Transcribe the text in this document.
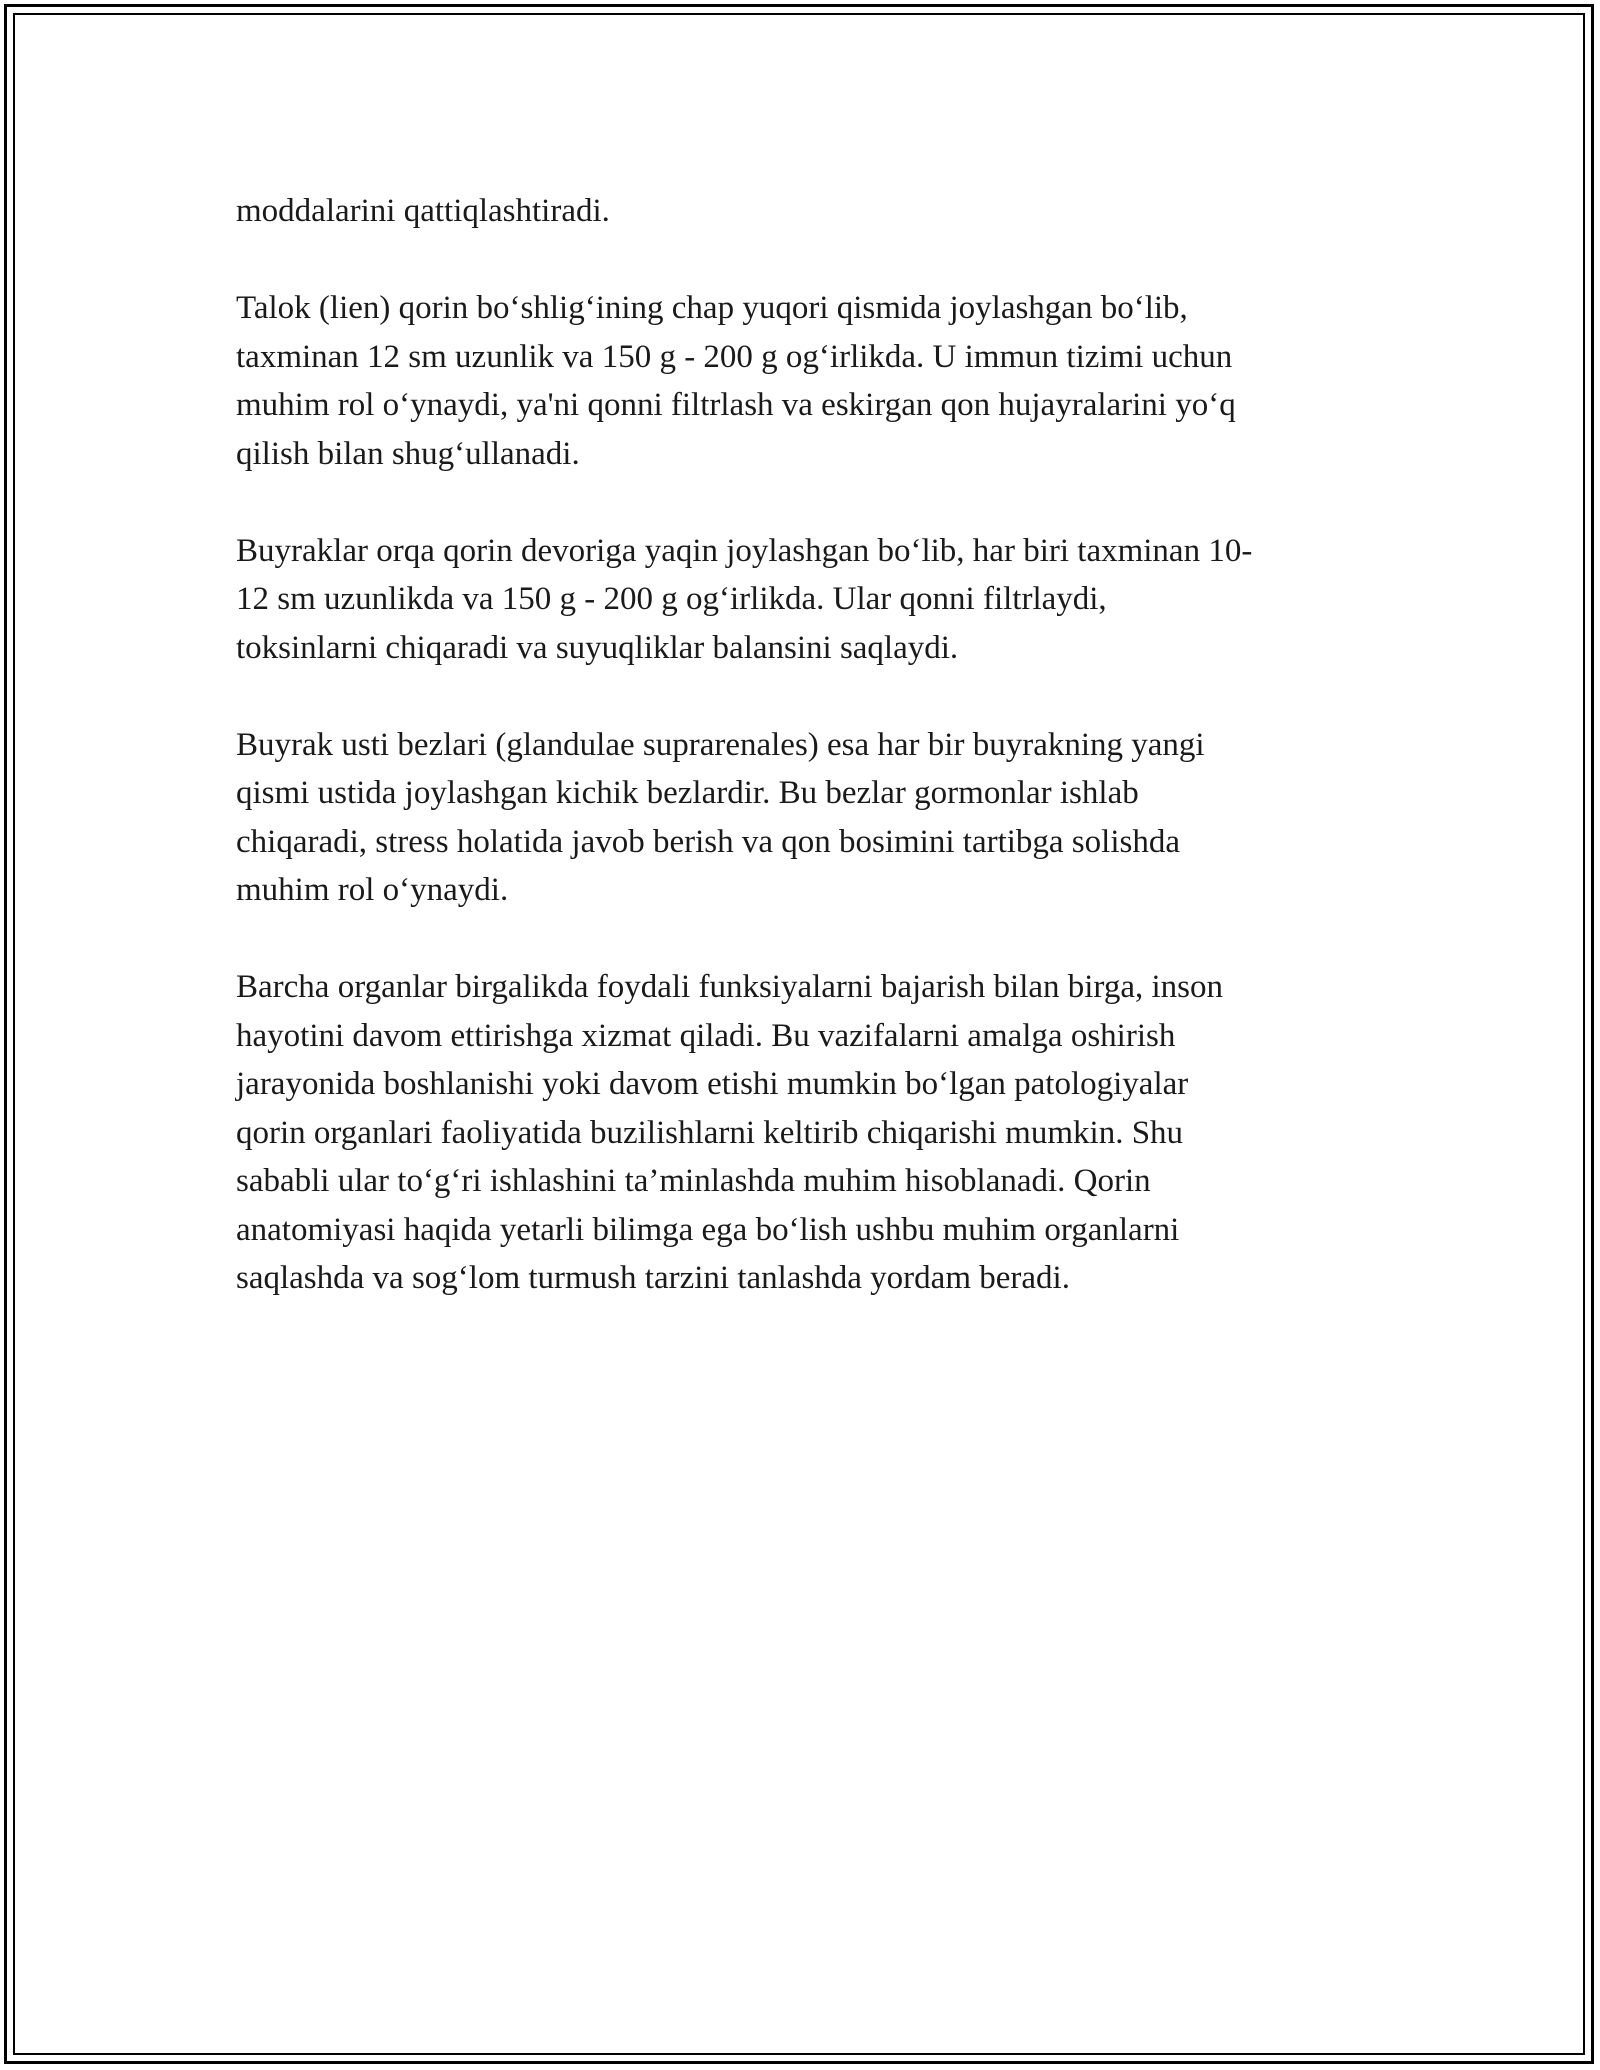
moddalarini qattiqlashtiradi.

Talok (lien) qorin bo‘shlig‘ining chap yuqori qismida joylashgan bo‘lib,
taxminan 12 sm uzunlik va 150 g - 200 g og‘irlikda. U immun tizimi uchun
muhim rol o‘ynaydi, ya'ni qonni filtrlash va eskirgan qon hujayralarini yo‘q
qilish bilan shug‘ullanadi.

Buyraklar orqa qorin devoriga yaqin joylashgan bo‘lib, har biri taxminan 10-
12 sm uzunlikda va 150 g - 200 g og‘irlikda. Ular qonni filtrlaydi,
toksinlarni chiqaradi va suyuqliklar balansini saqlaydi.

Buyrak usti bezlari (glandulae suprarenales) esa har bir buyrakning yangi
qismi ustida joylashgan kichik bezlardir. Bu bezlar gormonlar ishlab
chiqaradi, stress holatida javob berish va qon bosimini tartibga solishda
muhim rol o‘ynaydi.

Barcha organlar birgalikda foydali funksiyalarni bajarish bilan birga, inson
hayotini davom ettirishga xizmat qiladi. Bu vazifalarni amalga oshirish
jarayonida boshlanishi yoki davom etishi mumkin bo‘lgan patologiyalar
qorin organlari faoliyatida buzilishlarni keltirib chiqarishi mumkin. Shu
sababli ular to‘g‘ri ishlashini ta’minlashda muhim hisoblanadi. Qorin
anatomiyasi haqida yetarli bilimga ega bo‘lish ushbu muhim organlarni
saqlashda va sog‘lom turmush tarzini tanlashda yordam beradi.
